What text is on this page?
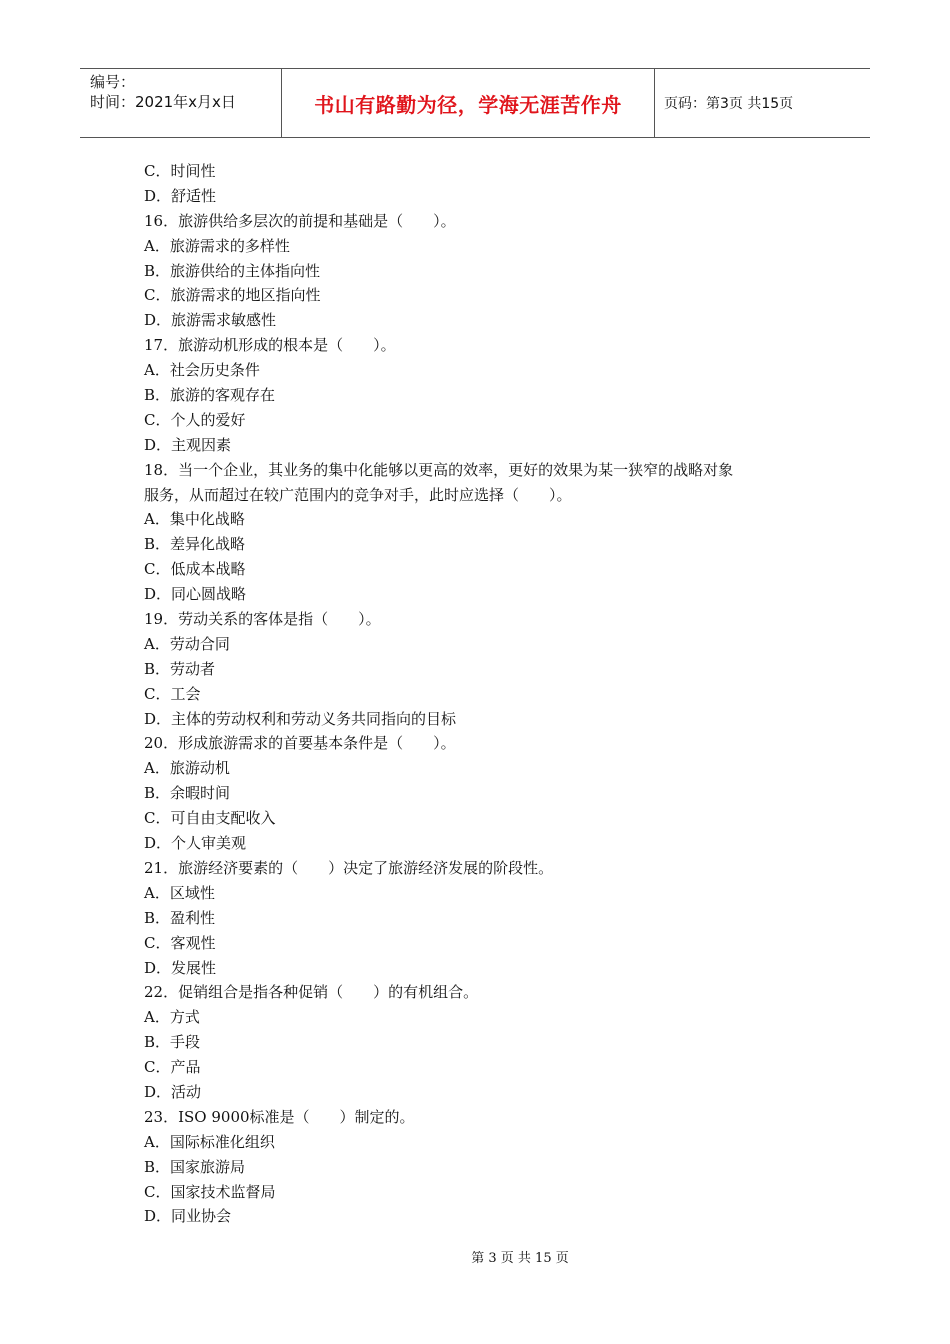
编号：
时间：2021年x月x日	书山有路勤为径，学海无涯苦作舟	页码：第3页 共15页
C．时间性
D．舒适性
16．旅游供给多层次的前提和基础是（　　）。
A．旅游需求的多样性
B．旅游供给的主体指向性
C．旅游需求的地区指向性
D．旅游需求敏感性
17．旅游动机形成的根本是（　　）。
A．社会历史条件
B．旅游的客观存在
C．个人的爱好
D．主观因素
18．当一个企业，其业务的集中化能够以更高的效率，更好的效果为某一狭窄的战略对象
服务，从而超过在较广范围内的竞争对手，此时应选择（　　）。
A．集中化战略
B．差异化战略
C．低成本战略
D．同心圆战略
19．劳动关系的客体是指（　　）。
A．劳动合同
B．劳动者
C．工会
D．主体的劳动权利和劳动义务共同指向的目标
20．形成旅游需求的首要基本条件是（　　）。
A．旅游动机
B．余暇时间
C．可自由支配收入
D．个人审美观
21．旅游经济要素的（　　）决定了旅游经济发展的阶段性。
A．区域性
B．盈利性
C．客观性
D．发展性
22．促销组合是指各种促销（　　）的有机组合。
A．方式
B．手段
C．产品
D．活动
23．ISO 9000标准是（　　）制定的。
A．国际标准化组织
B．国家旅游局
C．国家技术监督局
D．同业协会
第 3 页 共 15 页
